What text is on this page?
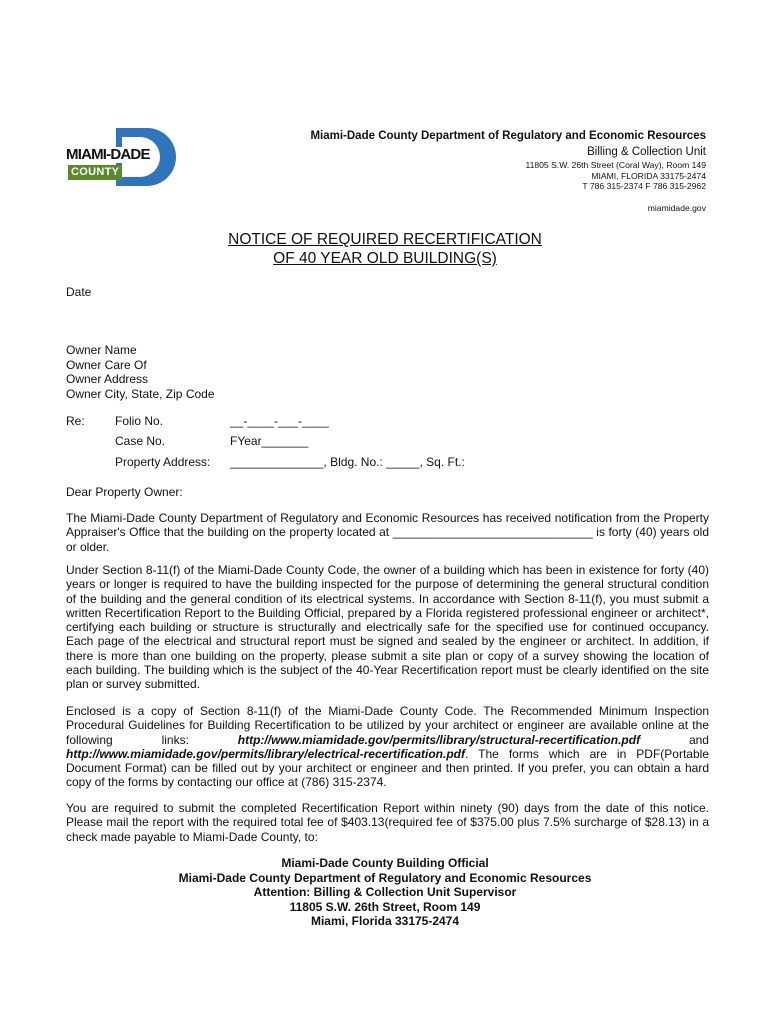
MIAMI-DADE
COUNTY
Miami-Dade County Department of Regulatory and Economic Resources
Billing & Collection Unit
11805 S.W. 26th Street (Coral Way), Room 149
MIAMI, FLORIDA 33175-2474
T 786 315-2374 F 786 315-2962
miamidade.gov
NOTICE OF REQUIRED RECERTIFICATION
OF 40 YEAR OLD BUILDING(S)
Date
Owner Name
Owner Care Of
Owner Address
Owner City, State, Zip Code
Re:	Folio No.	__-____-___-____
Case No.	FYear_______
Property Address: ______________, Bldg. No.: _____, Sq. Ft.:
Dear Property Owner:
The Miami-Dade County Department of Regulatory and Economic Resources has received notification from the Property Appraiser's Office that the building on the property located at ______________________________ is forty (40) years old or older.
Under Section 8-11(f) of the Miami-Dade County Code, the owner of a building which has been in existence for forty (40) years or longer is required to have the building inspected for the purpose of determining the general structural condition of the building and the general condition of its electrical systems. In accordance with Section 8-11(f), you must submit a written Recertification Report to the Building Official, prepared by a Florida registered professional engineer or architect*, certifying each building or structure is structurally and electrically safe for the specified use for continued occupancy. Each page of the electrical and structural report must be signed and sealed by the engineer or architect. In addition, if there is more than one building on the property, please submit a site plan or copy of a survey showing the location of each building. The building which is the subject of the 40-Year Recertification report must be clearly identified on the site plan or survey submitted.
Enclosed is a copy of Section 8-11(f) of the Miami-Dade County Code. The Recommended Minimum Inspection Procedural Guidelines for Building Recertification to be utilized by your architect or engineer are available online at the following links:	http://www.miamidade.gov/permits/library/structural-recertification.pdf	and http://www.miamidade.gov/permits/library/electrical-recertification.pdf. The forms which are in PDF(Portable Document Format) can be filled out by your architect or engineer and then printed. If you prefer, you can obtain a hard copy of the forms by contacting our office at (786) 315-2374.
You are required to submit the completed Recertification Report within ninety (90) days from the date of this notice. Please mail the report with the required total fee of $403.13(required fee of $375.00 plus 7.5% surcharge of $28.13) in a check made payable to Miami-Dade County, to:
Miami-Dade County Building Official
Miami-Dade County Department of Regulatory and Economic Resources
Attention: Billing & Collection Unit Supervisor
11805 S.W. 26th Street, Room 149
Miami, Florida 33175-2474
